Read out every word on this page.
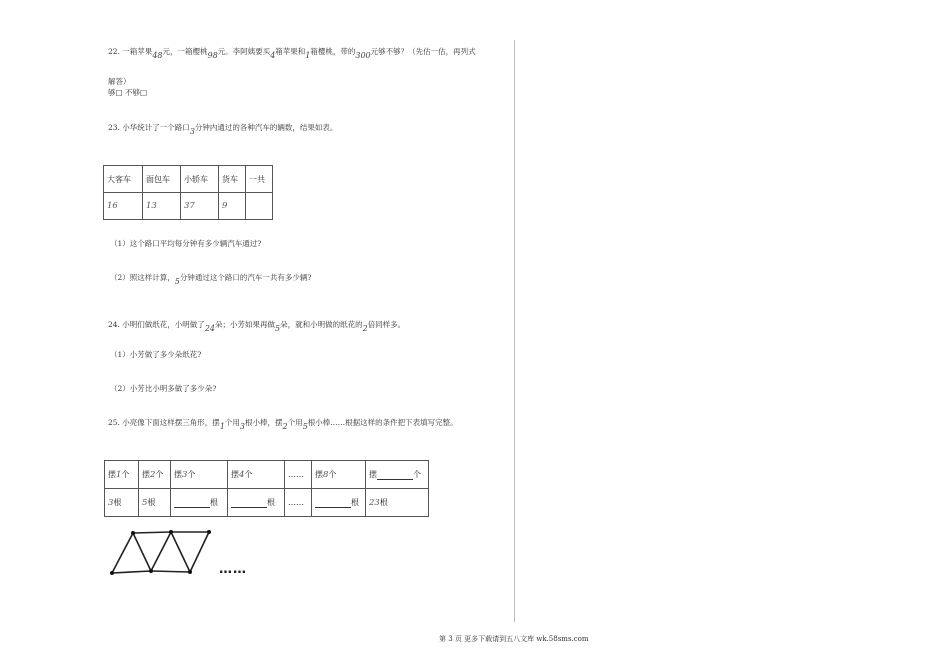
22. 一箱苹果48元，一箱樱桃98元。李阿姨要买4箱苹果和1箱樱桃，带的300元够不够？（先估一估，再列式
解答）
够□ 不够□
23. 小华统计了一个路口3分钟内通过的各种汽车的辆数，结果如表。
大客车	面包车	小轿车	货车	一共
16	13	37	9	
（1）这个路口平均每分钟有多少辆汽车通过?
（2）照这样计算，5分钟通过这个路口的汽车一共有多少辆?
24. 小明们做纸花，小明做了24朵；小芳如果再做5朵，就和小明做的纸花的2倍同样多。
（1）小芳做了多少朵纸花?
（2）小芳比小明多做了多少朵?
25. 小亮像下面这样摆三角形，摆1个用3根小棒，摆2个用5根小棒……根据这样的条件把下表填写完整。
摆1个	摆2个	摆3个	摆4个	……	摆8个	摆 个
3根	5根	根	根	……	根	23根
……
第 3 页 更多下载请到五八文库 wk.58sms.com
